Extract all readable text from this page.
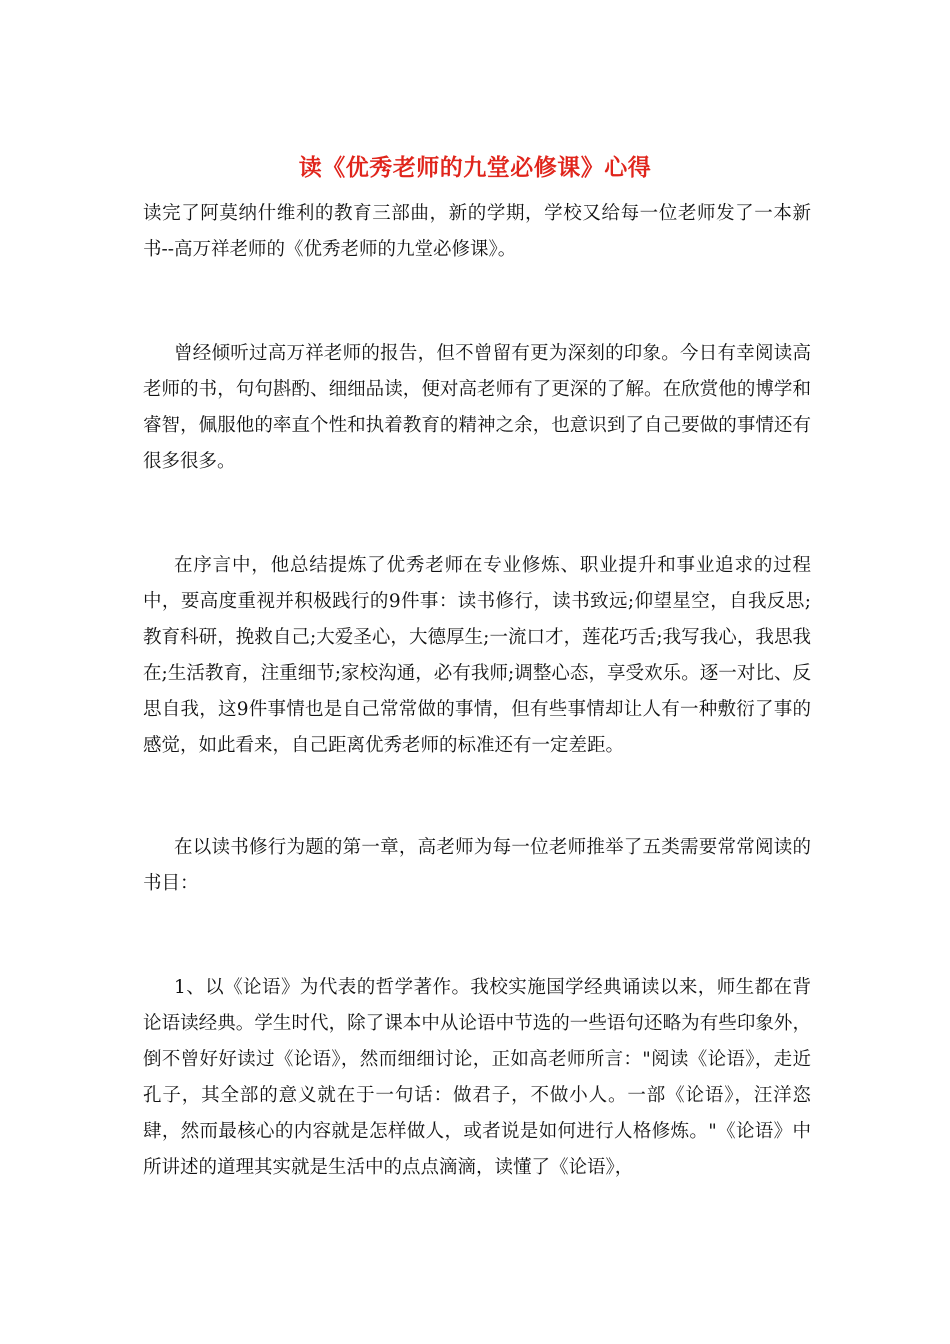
读《优秀老师的九堂必修课》心得

读完了阿莫纳什维利的教育三部曲，新的学期，学校又给每一位老师发了一本新书--高万祥老师的《优秀老师的九堂必修课》。

曾经倾听过高万祥老师的报告，但不曾留有更为深刻的印象。今日有幸阅读高老师的书，句句斟酌、细细品读，便对高老师有了更深的了解。在欣赏他的博学和睿智，佩服他的率直个性和执着教育的精神之余，也意识到了自己要做的事情还有很多很多。

在序言中，他总结提炼了优秀老师在专业修炼、职业提升和事业追求的过程中，要高度重视并积极践行的9件事：读书修行，读书致远;仰望星空，自我反思;教育科研，挽救自己;大爱圣心，大德厚生;一流口才，莲花巧舌;我写我心，我思我在;生活教育，注重细节;家校沟通，必有我师;调整心态，享受欢乐。逐一对比、反思自我，这9件事情也是自己常常做的事情，但有些事情却让人有一种敷衍了事的感觉，如此看来，自己距离优秀老师的标准还有一定差距。

在以读书修行为题的第一章，高老师为每一位老师推举了五类需要常常阅读的书目：

1、以《论语》为代表的哲学著作。我校实施国学经典诵读以来，师生都在背论语读经典。学生时代，除了课本中从论语中节选的一些语句还略为有些印象外，倒不曾好好读过《论语》，然而细细讨论，正如高老师所言："阅读《论语》，走近孔子，其全部的意义就在于一句话：做君子，不做小人。一部《论语》，汪洋恣肆，然而最核心的内容就是怎样做人，或者说是如何进行人格修炼。"《论语》中所讲述的道理其实就是生活中的点点滴滴，读懂了《论语》，
